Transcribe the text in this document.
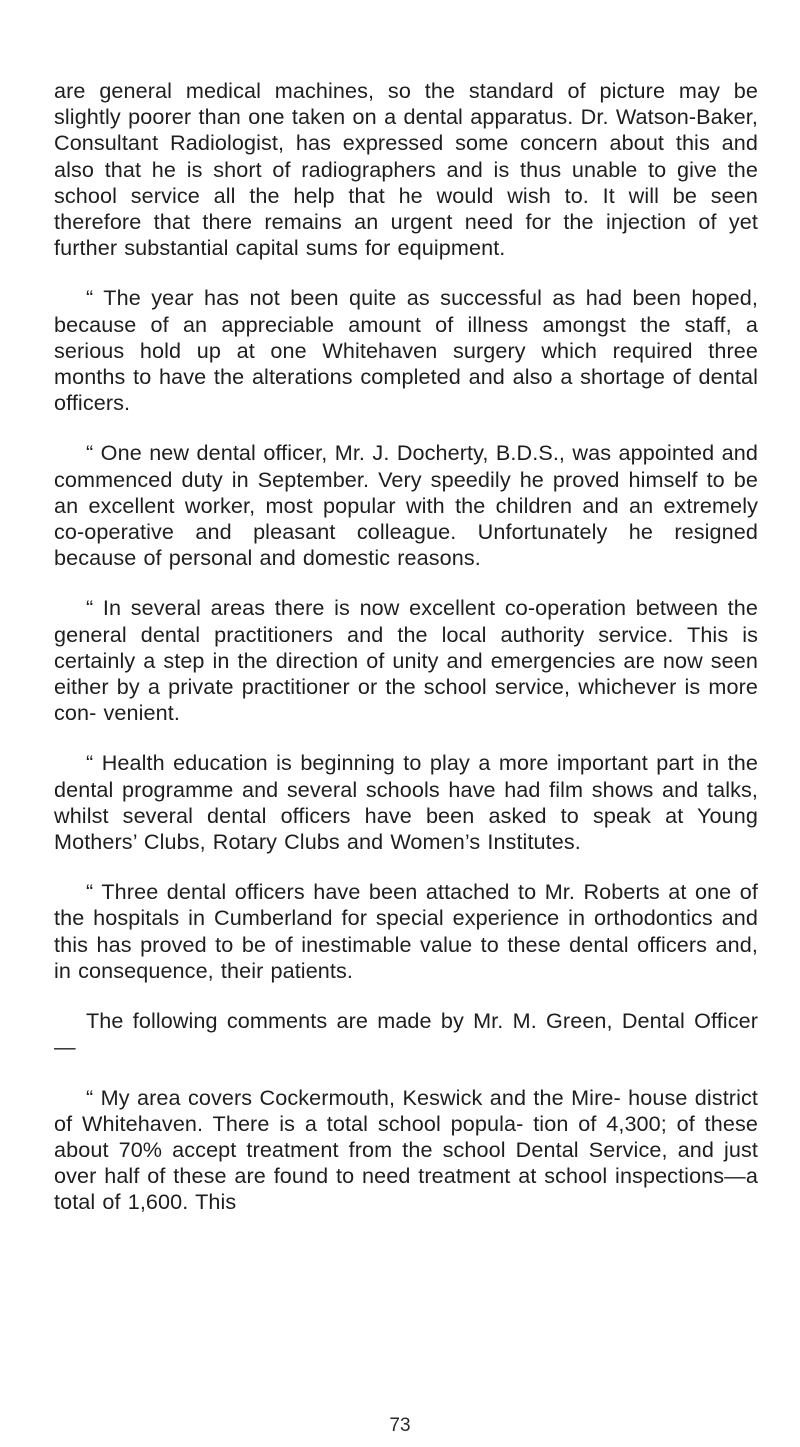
are general medical machines, so the standard of picture may be slightly poorer than one taken on a dental apparatus. Dr. Watson-Baker, Consultant Radiologist, has expressed some concern about this and also that he is short of radiographers and is thus unable to give the school service all the help that he would wish to. It will be seen therefore that there remains an urgent need for the injection of yet further substantial capital sums for equipment.

“ The year has not been quite as successful as had been hoped, because of an appreciable amount of illness amongst the staff, a serious hold up at one Whitehaven surgery which required three months to have the alterations completed and also a shortage of dental officers.

“ One new dental officer, Mr. J. Docherty, B.D.S., was appointed and commenced duty in September. Very speedily he proved himself to be an excellent worker, most popular with the children and an extremely co-operative and pleasant colleague. Unfortunately he resigned because of personal and domestic reasons.

“ In several areas there is now excellent co-operation between the general dental practitioners and the local authority service. This is certainly a step in the direction of unity and emergencies are now seen either by a private practitioner or the school service, whichever is more con- venient.

“ Health education is beginning to play a more important part in the dental programme and several schools have had film shows and talks, whilst several dental officers have been asked to speak at Young Mothers’ Clubs, Rotary Clubs and Women’s Institutes.

“ Three dental officers have been attached to Mr. Roberts at one of the hospitals in Cumberland for special experience in orthodontics and this has proved to be of inestimable value to these dental officers and, in consequence, their patients.

The following comments are made by Mr. M. Green, Dental Officer—

“ My area covers Cockermouth, Keswick and the Mire- house district of Whitehaven. There is a total school popula- tion of 4,300; of these about 70% accept treatment from the school Dental Service, and just over half of these are found to need treatment at school inspections—a total of 1,600. This

73
